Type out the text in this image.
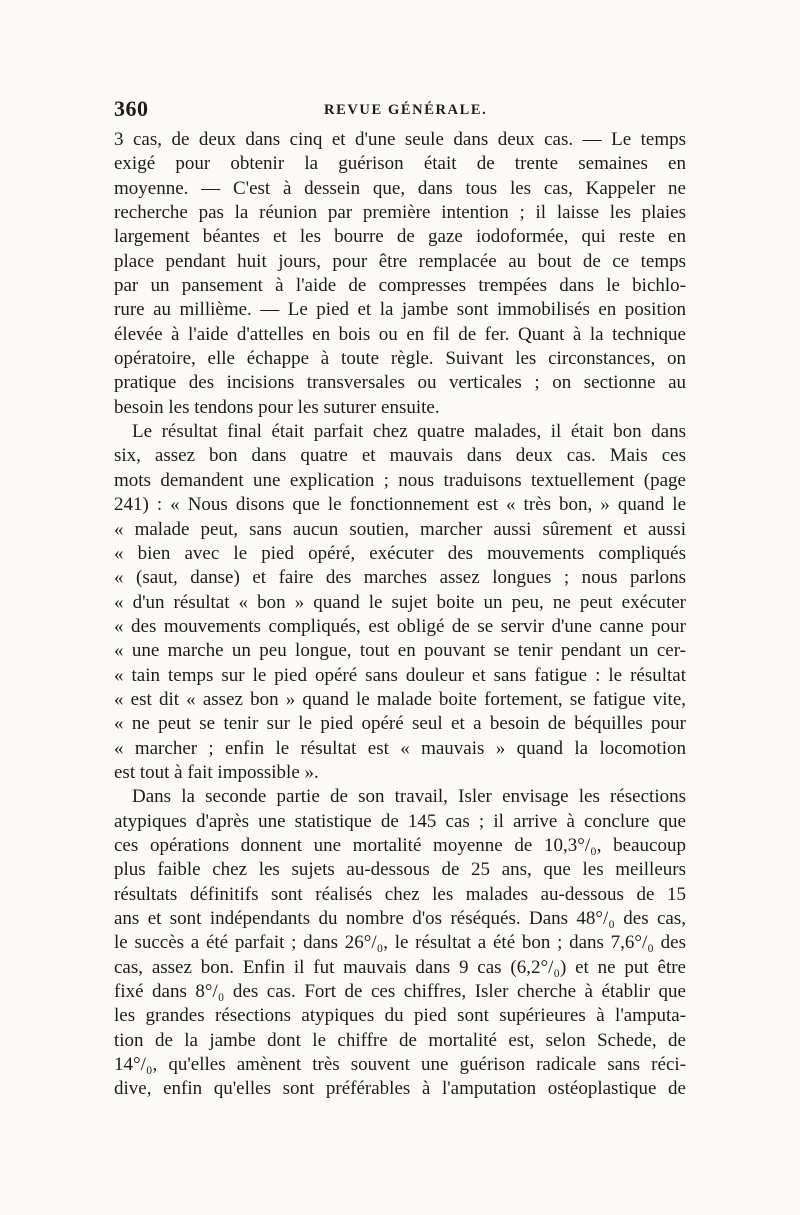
360	REVUE GÉNÉRALE.
3 cas, de deux dans cinq et d'une seule dans deux cas. — Le temps
exigé pour obtenir la guérison était de trente semaines en
moyenne. — C'est à dessein que, dans tous les cas, Kappeler ne
recherche pas la réunion par première intention ; il laisse les plaies
largement béantes et les bourre de gaze iodoformée, qui reste en
place pendant huit jours, pour être remplacée au bout de ce temps
par un pansement à l'aide de compresses trempées dans le bichlo-
rure au millième. — Le pied et la jambe sont immobilisés en position
élevée à l'aide d'attelles en bois ou en fil de fer. Quant à la technique
opératoire, elle échappe à toute règle. Suivant les circonstances, on
pratique des incisions transversales ou verticales ; on sectionne au
besoin les tendons pour les suturer ensuite.
Le résultat final était parfait chez quatre malades, il était bon dans
six, assez bon dans quatre et mauvais dans deux cas. Mais ces
mots demandent une explication ; nous traduisons textuellement (page
241) : « Nous disons que le fonctionnement est « très bon, » quand le
« malade peut, sans aucun soutien, marcher aussi sûrement et aussi
« bien avec le pied opéré, exécuter des mouvements compliqués
« (saut, danse) et faire des marches assez longues ; nous parlons
« d'un résultat « bon » quand le sujet boite un peu, ne peut exécuter
« des mouvements compliqués, est obligé de se servir d'une canne pour
« une marche un peu longue, tout en pouvant se tenir pendant un cer-
« tain temps sur le pied opéré sans douleur et sans fatigue : le résultat
« est dit « assez bon » quand le malade boite fortement, se fatigue vite,
« ne peut se tenir sur le pied opéré seul et a besoin de béquilles pour
« marcher ; enfin le résultat est « mauvais » quand la locomotion
est tout à fait impossible ».
Dans la seconde partie de son travail, Isler envisage les résections
atypiques d'après une statistique de 145 cas ; il arrive à conclure que
ces opérations donnent une mortalité moyenne de 10,3°/₀, beaucoup
plus faible chez les sujets au-dessous de 25 ans, que les meilleurs
résultats définitifs sont réalisés chez les malades au-dessous de 15
ans et sont indépendants du nombre d'os réséqués. Dans 48°/₀ des cas,
le succès a été parfait ; dans 26°/₀, le résultat a été bon ; dans 7,6°/₀ des
cas, assez bon. Enfin il fut mauvais dans 9 cas (6,2°/₀) et ne put être
fixé dans 8°/₀ des cas. Fort de ces chiffres, Isler cherche à établir que
les grandes résections atypiques du pied sont supérieures à l'amputa-
tion de la jambe dont le chiffre de mortalité est, selon Schede, de
14°/₀, qu'elles amènent très souvent une guérison radicale sans réci-
dive, enfin qu'elles sont préférables à l'amputation ostéoplastique de
